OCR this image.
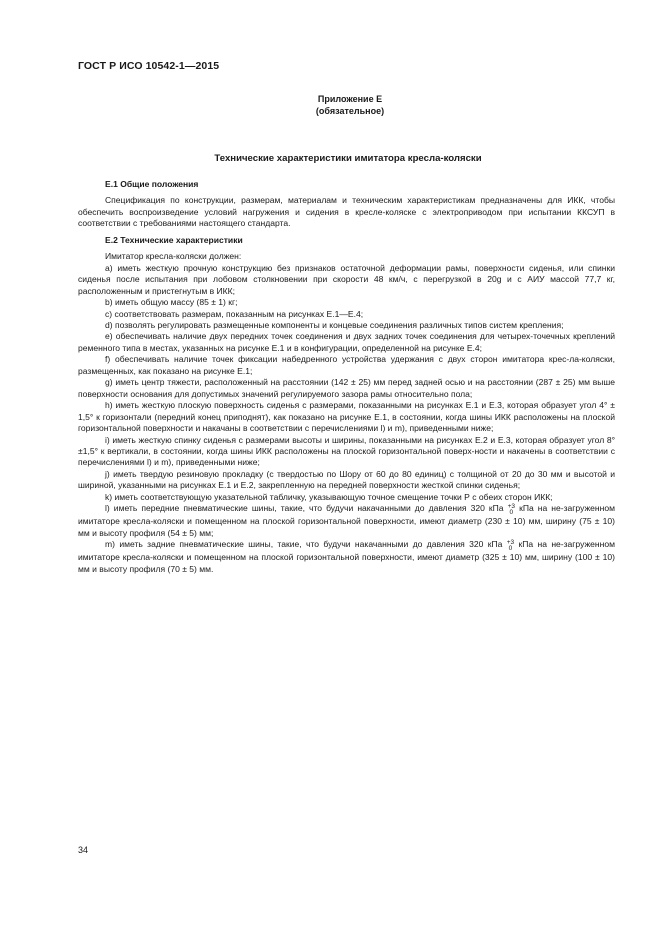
ГОСТ Р ИСО 10542-1—2015
Приложение Е
(обязательное)
Технические характеристики имитатора кресла-коляски

Е.1 Общие положения

Спецификация по конструкции, размерам, материалам и техническим характеристикам предназначены для ИКК, чтобы обеспечить воспроизведение условий нагружения и сидения в кресле-коляске с электроприводом при испытании ККСУП в соответствии с требованиями настоящего стандарта.

Е.2 Технические характеристики

Имитатор кресла-коляски должен:

а) иметь жесткую прочную конструкцию без признаков остаточной деформации рамы, поверхности сиденья, или спинки сиденья после испытания при лобовом столкновении при скорости 48 км/ч, с перегрузкой в 20g и с АИУ массой 77,7 кг, расположенным и пристегнутым в ИКК;

b) иметь общую массу (85 ± 1) кг;

с) соответствовать размерам, показанным на рисунках Е.1—Е.4;

d) позволять регулировать размещенные компоненты и концевые соединения различных типов систем крепления;

е) обеспечивать наличие двух передних точек соединения и двух задних точек соединения для четырех-точечных креплений ременного типа в местах, указанных на рисунке Е.1 и в конфигурации, определенной на рисунке Е.4;

f) обеспечивать наличие точек фиксации набедренного устройства удержания с двух сторон имитатора крес-ла-коляски, размещенных, как показано на рисунке Е.1;

g) иметь центр тяжести, расположенный на расстоянии (142 ± 25) мм перед задней осью и на расстоянии (287 ± 25) мм выше поверхности основания для допустимых значений регулируемого зазора рамы относительно пола;

h) иметь жесткую плоскую поверхность сиденья с размерами, показанными на рисунках Е.1 и Е.3, которая образует угол 4° ± 1,5° к горизонтали (передний конец приподнят), как показано на рисунке Е.1, в состоянии, когда шины ИКК расположены на плоской горизонтальной поверхности и накачаны в соответствии с перечислениями l) и m), приведенными ниже;

i) иметь жесткую спинку сиденья с размерами высоты и ширины, показанными на рисунках Е.2 и Е.3, которая образует угол 8° ±1,5° к вертикали, в состоянии, когда шины ИКК расположены на плоской горизонтальной поверх-ности и накачены в соответствии с перечислениями l) и m), приведенными ниже;

j) иметь твердую резиновую прокладку (с твердостью по Шору от 60 до 80 единиц) с толщиной от 20 до 30 мм и высотой и шириной, указанными на рисунках Е.1 и Е.2, закрепленную на передней поверхности жесткой спинки сиденья;

k) иметь соответствующую указательной табличку, указывающую точное смещение точки Р с обеих сторон ИКК;

l) иметь передние пневматические шины, такие, что будучи накачанными до давления 320 кПа +3
0 кПа на не-загруженном имитаторе кресла-коляски и помещенном на плоской горизонтальной поверхности, имеют диаметр (230 ± 10) мм, ширину (75 ± 10) мм и высоту профиля (54 ± 5) мм;

m) иметь задние пневматические шины, такие, что будучи накачанными до давления 320 кПа +3
0 кПа на не-загруженном имитаторе кресла-коляски и помещенном на плоской горизонтальной поверхности, имеют диаметр (325 ± 10) мм, ширину (100 ± 10) мм и высоту профиля (70 ± 5) мм.

34
